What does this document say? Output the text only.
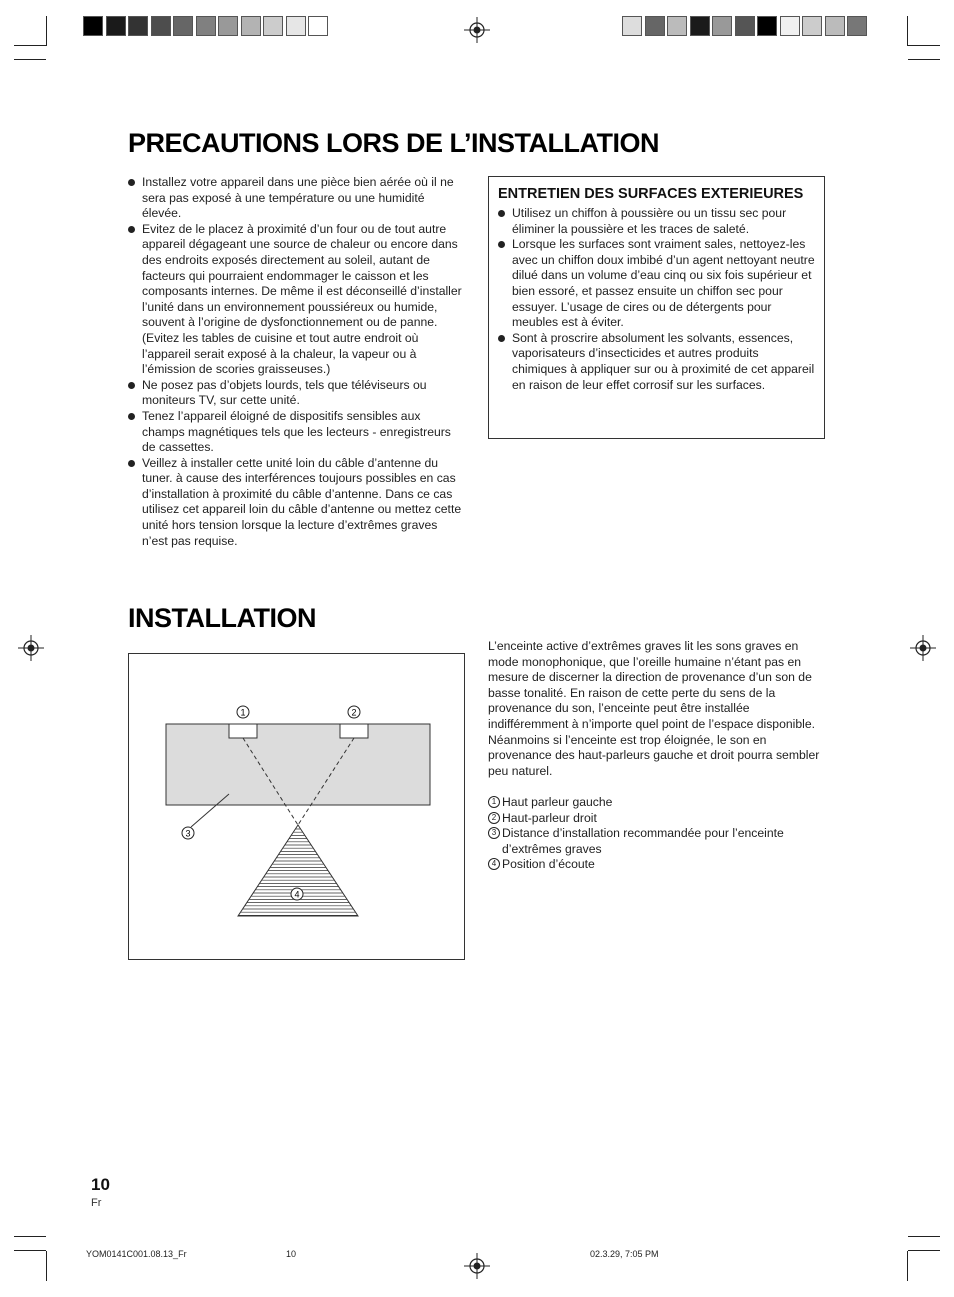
PRECAUTIONS LORS DE L’INSTALLATION
Installez votre appareil dans une pièce bien aérée où il ne sera pas exposé à une température ou une humidité élevée.
Evitez de le placez à proximité d’un four ou de tout autre appareil dégageant une source de chaleur ou encore dans des endroits exposés directement au soleil, autant de facteurs qui pourraient endommager le caisson et les composants internes. De même il est déconseillé d’installer l’unité dans un environnement poussiéreux ou humide, souvent à l’origine de dysfonctionnement ou de panne. (Evitez les tables de cuisine et tout autre endroit où l’appareil serait exposé à la chaleur, la vapeur ou à l’émission de scories graisseuses.)
Ne posez pas d’objets lourds, tels que téléviseurs ou moniteurs TV, sur cette unité.
Tenez l’appareil éloigné de dispositifs sensibles aux champs magnétiques tels que les lecteurs - enregistreurs de cassettes.
Veillez à installer cette unité loin du câble d’antenne du tuner. à cause des interférences toujours possibles en cas d’installation à proximité du câble d’antenne. Dans ce cas utilisez cet appareil loin du câble d’antenne ou mettez cette unité hors tension lorsque la lecture d’extrêmes graves n’est pas requise.
ENTRETIEN DES SURFACES EXTERIEURES
Utilisez un chiffon à poussière ou un tissu sec pour éliminer la poussière et les traces de saleté.
Lorsque les surfaces sont vraiment sales, nettoyez-les avec un chiffon doux imbibé d’un agent nettoyant neutre dilué dans un volume d’eau cinq ou six fois supérieur et bien essoré, et passez ensuite un chiffon sec pour essuyer. L’usage de cires ou de détergents pour meubles est à éviter.
Sont à proscrire absolument les solvants, essences, vaporisateurs d’insecticides et autres produits chimiques à appliquer sur ou à proximité de cet appareil en raison de leur effet corrosif sur les surfaces.
INSTALLATION
1	2
3
4
L’enceinte active d’extrêmes graves lit les sons graves en mode monophonique, que l’oreille humaine n’étant pas en mesure de discerner la direction de provenance d’un son de basse tonalité. En raison de cette perte du sens de la provenance du son, l’enceinte peut être installée indifféremment à n’importe quel point de l’espace disponible. Néanmoins si l’enceinte est trop éloignée, le son en provenance des haut-parleurs gauche et droit pourra sembler peu naturel.
1 Haut parleur gauche
2 Haut-parleur droit
3 Distance d’installation recommandée pour l’enceinte d’extrêmes graves
4 Position d’écoute
10
Fr
YOM0141C001.08.13_Fr	10	02.3.29, 7:05 PM
